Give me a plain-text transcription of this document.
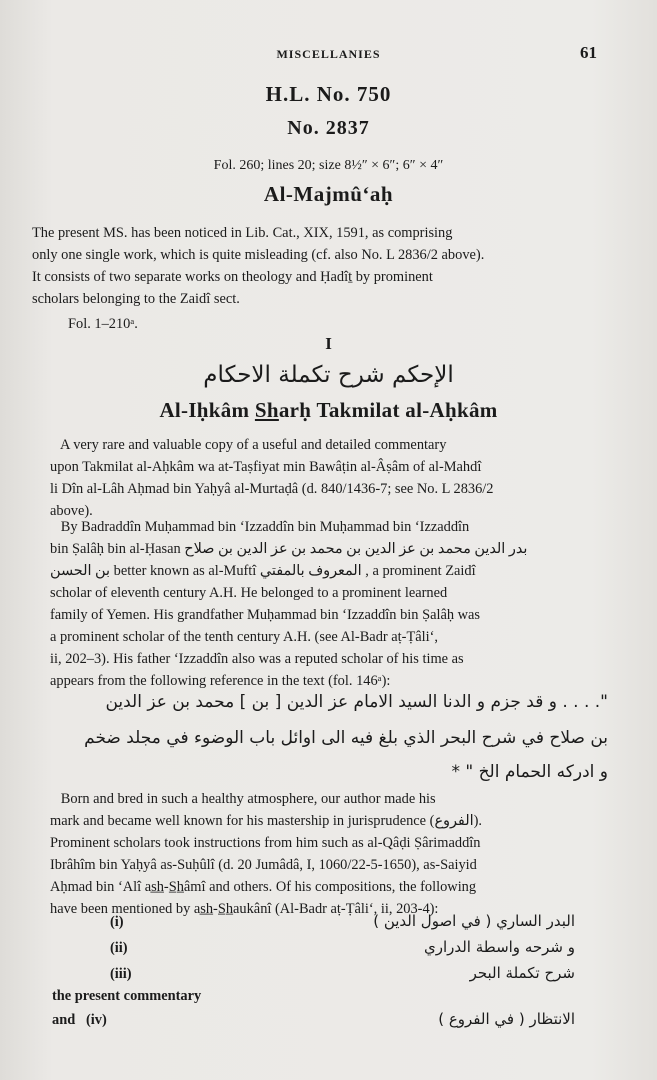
MISCELLANIES	61
H.L. No. 750
No. 2837
Fol. 260; lines 20; size 8½″ × 6″; 6″ × 4″
Al-Majmû‘aḥ
The present MS. has been noticed in Lib. Cat., XIX, 1591, as comprising
only one single work, which is quite misleading (cf. also No. L 2836/2 above).
It consists of two separate works on theology and Ḥadîṯ by prominent
scholars belonging to the Zaidî sect.
Fol. 1–210ᵃ.
I
الإحكم شرح تكملة الاحكام
Al-Iḥkâm Sharḥ Takmilat al-Aḥkâm
A very rare and valuable copy of a useful and detailed commentary
upon Takmilat al-Aḥkâm wa at-Taṣfiyat min Bawâṭin al-Âṣâm of al-Mahdî
li Dîn al-Lâh Aḥmad bin Yaḥyâ al-Murtaḍâ (d. 840/1436-7; see No. L 2836/2
above).
By Badraddîn Muḥammad bin ‘Izzaddîn bin Muḥammad bin ‘Izzaddîn
bin Ṣalâḥ bin al-Ḥasan بدر الدين محمد بن عز الدين بن محمد بن عز الدين بن صلاح
بن الحسن better known as al-Muftî المعروف بالمفتي , a prominent Zaidî
scholar of eleventh century A.H. He belonged to a prominent learned
family of Yemen. His grandfather Muḥammad bin ‘Izzaddîn bin Ṣalâḥ was
a prominent scholar of the tenth century A.H. (see Al-Badr aṭ-Ṭâli‘,
ii, 202–3). His father ‘Izzaddîn also was a reputed scholar of his time as
appears from the following reference in the text (fol. 146ᵃ):
". . . . و قد جزم و الدنا السيد الامام عز الدين [ بن ] محمد بن عز الدين
بن صلاح في شرح البحر الذي بلغ فيه الى اوائل باب الوضوء في مجلد ضخم
و ادركه الحمام الخ " *
Born and bred in such a healthy atmosphere, our author made his
mark and became well known for his mastership in jurisprudence (الفروع).
Prominent scholars took instructions from him such as al-Qâḍi Ṣârimaddîn
Ibrâhîm bin Yaḥyâ as-Suḥûlî (d. 20 Jumâdâ, I, 1060/22-5-1650), as-Saiyid
Aḥmad bin ‘Alî as̲h̲-S̲h̲âmî and others. Of his compositions, the following
have been mentioned by as̲h̲-S̲h̲aukânî (Al-Badr aṭ-Ṭâli‘, ii, 203-4):
(i)	البدر الساري ( في اصول الدين )
(ii)	و شرحه واسطة الدراري
(iii)	شرح تكملة البحر
the present commentary
and   (iv)	الانتظار ( في الفروع )
